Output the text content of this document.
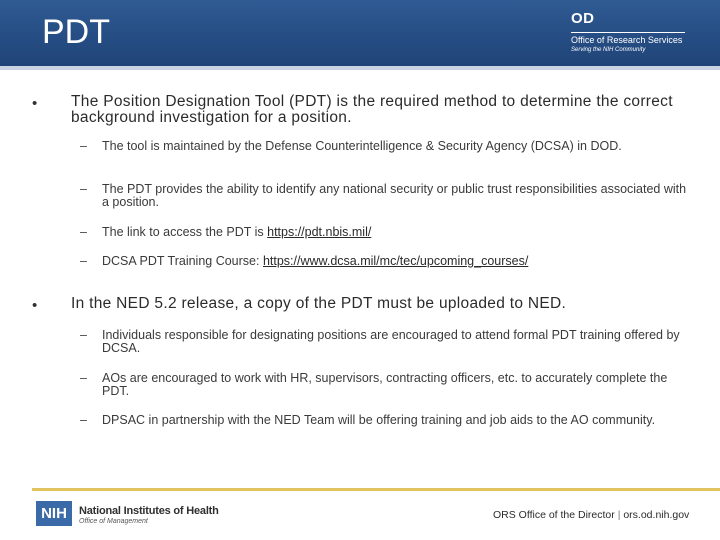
PDT	OD
Office of Research Services
Serving the NIH Community
• The Position Designation Tool (PDT) is the required method to determine the correct background investigation for a position.
– The tool is maintained by the Defense Counterintelligence & Security Agency (DCSA) in DOD.
– The PDT provides the ability to identify any national security or public trust responsibilities associated with a position.
– The link to access the PDT is https://pdt.nbis.mil/
– DCSA PDT Training Course: https://www.dcsa.mil/mc/tec/upcoming_courses/
• In the NED 5.2 release, a copy of the PDT must be uploaded to NED.
– Individuals responsible for designating positions are encouraged to attend formal PDT training offered by DCSA.
– AOs are encouraged to work with HR, supervisors, contracting officers, etc. to accurately complete the PDT.
– DPSAC in partnership with the NED Team will be offering training and job aids to the AO community.
NIH	National Institutes of Health
Office of Management
ORS Office of the Director | ors.od.nih.gov
